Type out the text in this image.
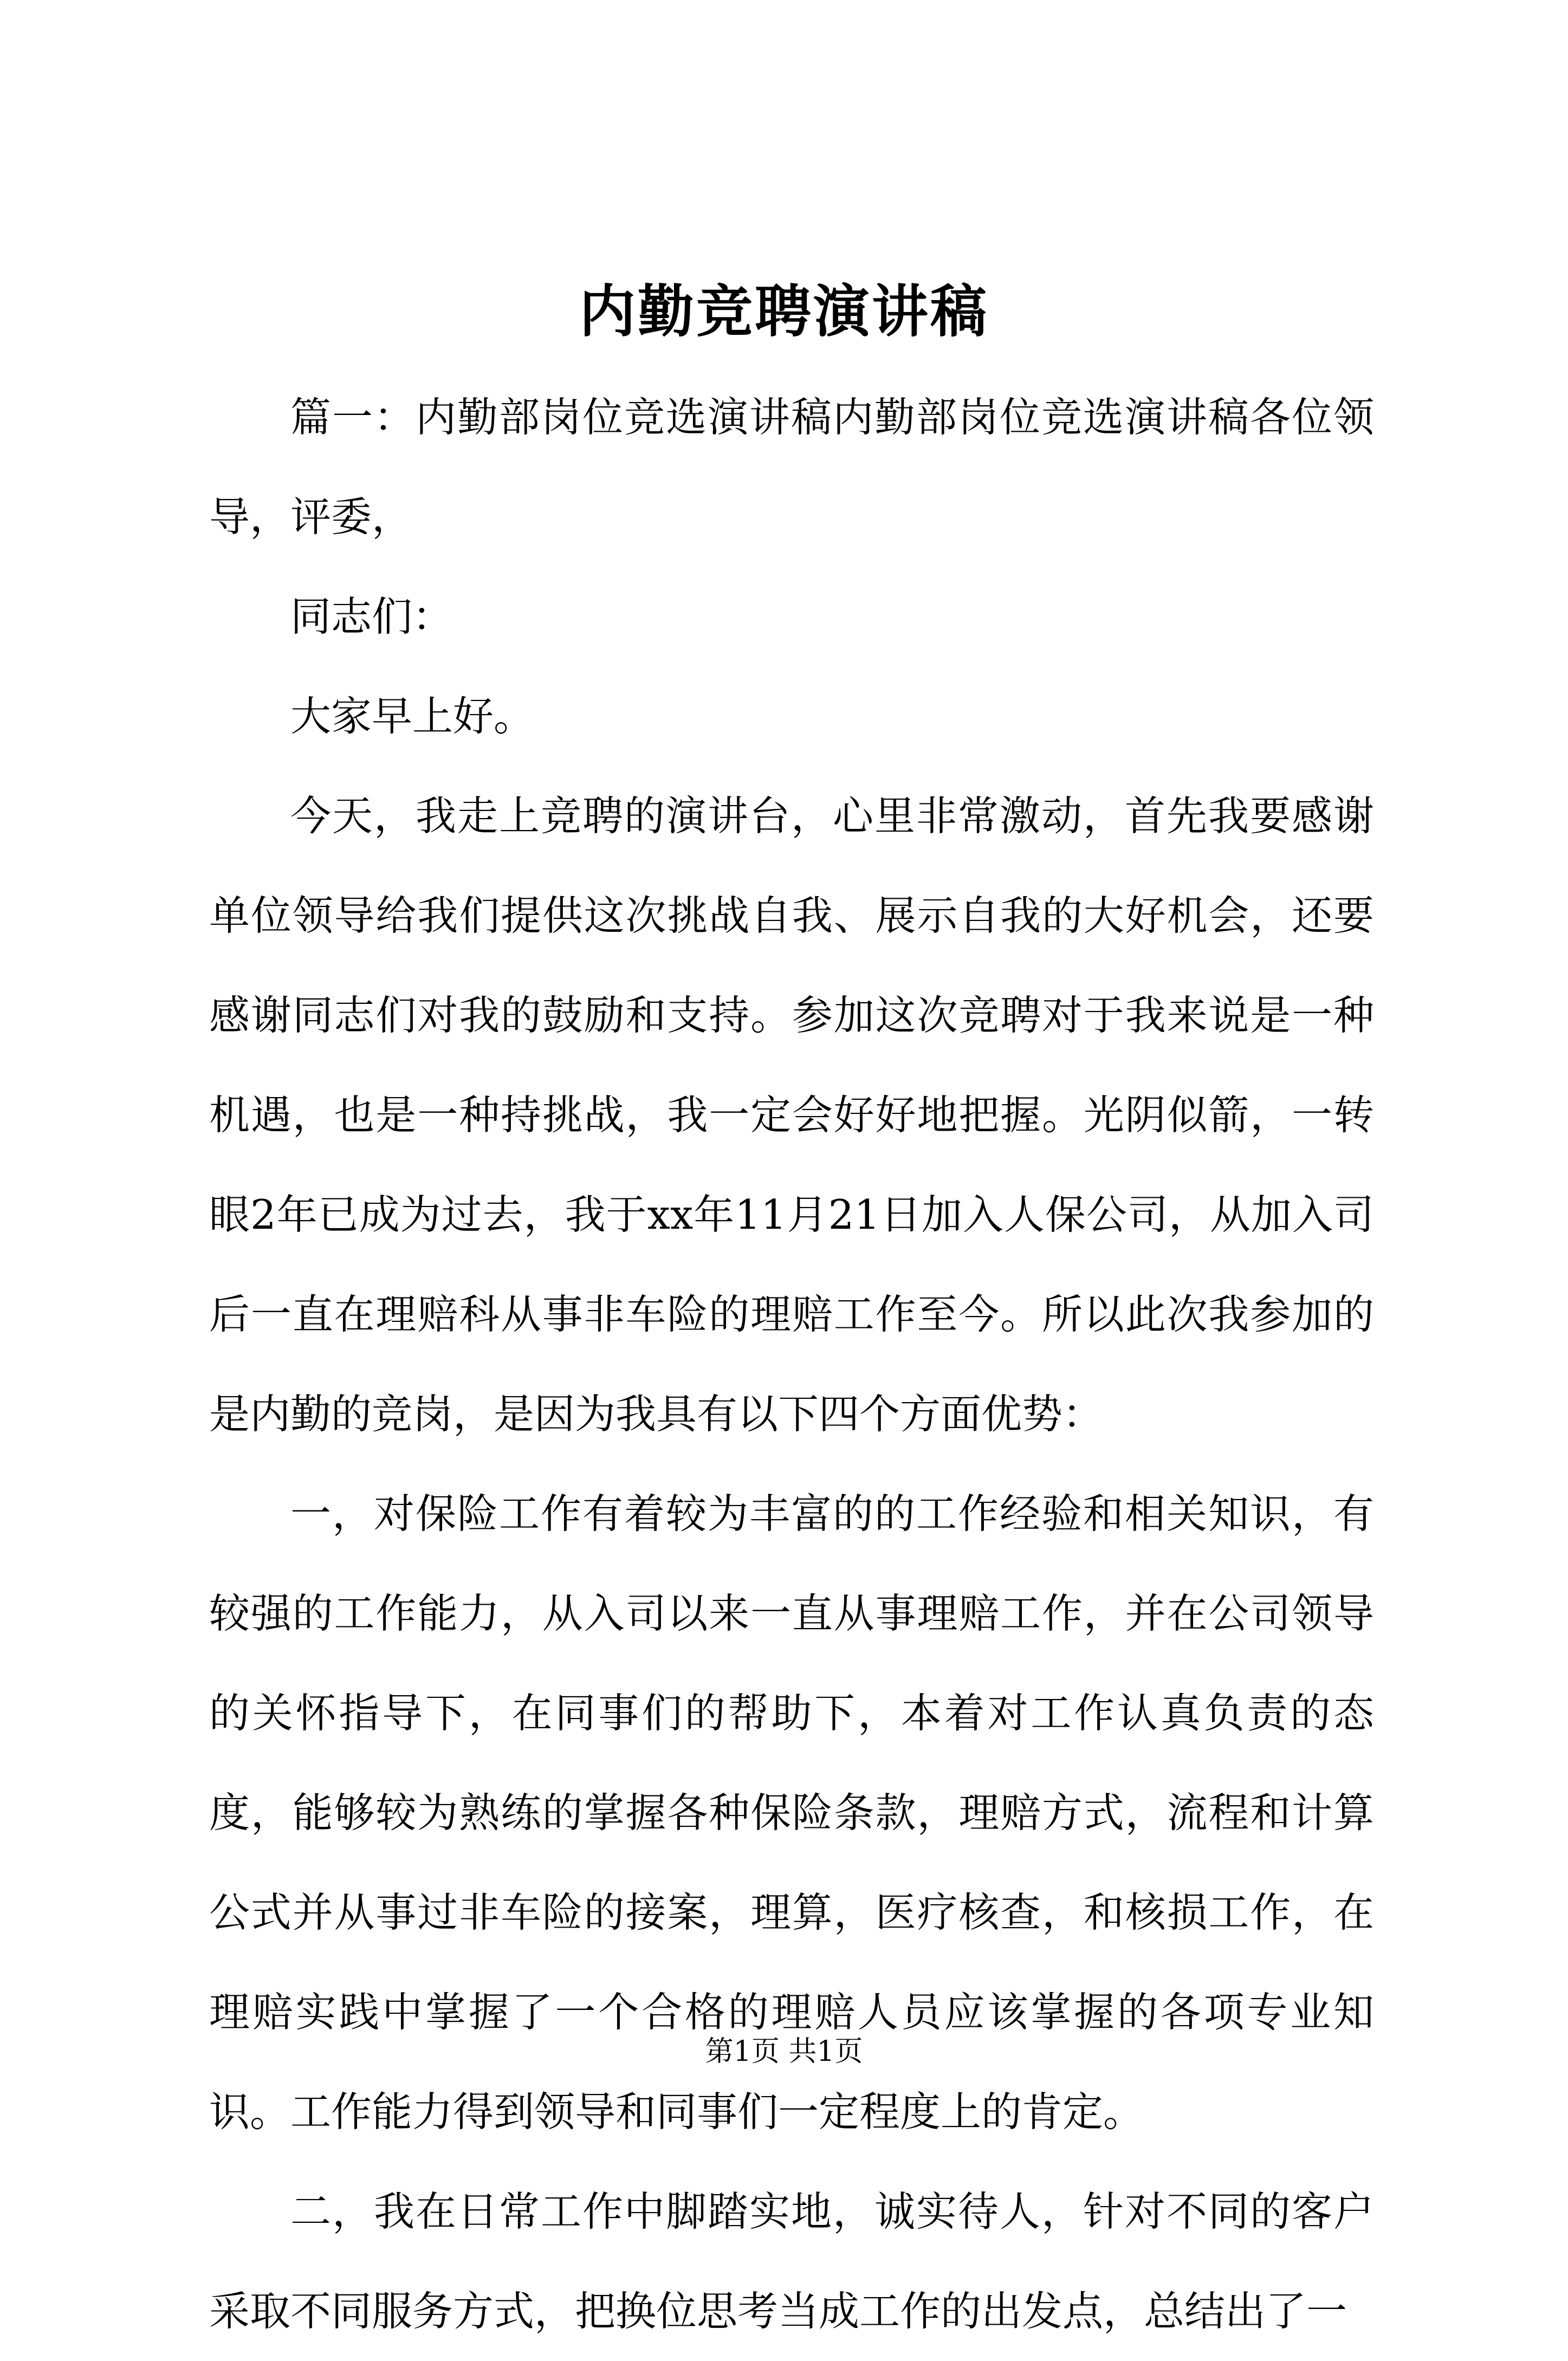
内勤竞聘演讲稿

篇一：内勤部岗位竞选演讲稿内勤部岗位竞选演讲稿各位领导，评委，

同志们：

大家早上好。

今天，我走上竞聘的演讲台，心里非常激动，首先我要感谢单位领导给我们提供这次挑战自我、展示自我的大好机会，还要感谢同志们对我的鼓励和支持。参加这次竞聘对于我来说是一种机遇，也是一种持挑战，我一定会好好地把握。光阴似箭，一转眼2年已成为过去，我于xx年11月21日加入人保公司，从加入司后一直在理赔科从事非车险的理赔工作至今。所以此次我参加的是内勤的竞岗，是因为我具有以下四个方面优势：

一，对保险工作有着较为丰富的的工作经验和相关知识，有较强的工作能力，从入司以来一直从事理赔工作，并在公司领导的关怀指导下，在同事们的帮助下，本着对工作认真负责的态度，能够较为熟练的掌握各种保险条款，理赔方式，流程和计算公式并从事过非车险的接案，理算，医疗核查，和核损工作，在理赔实践中掌握了一个合格的理赔人员应该掌握的各项专业知识。工作能力得到领导和同事们一定程度上的肯定。

二，我在日常工作中脚踏实地，诚实待人，针对不同的客户采取不同服务方式，把换位思考当成工作的出发点，总结出了一

第1页 共1页
